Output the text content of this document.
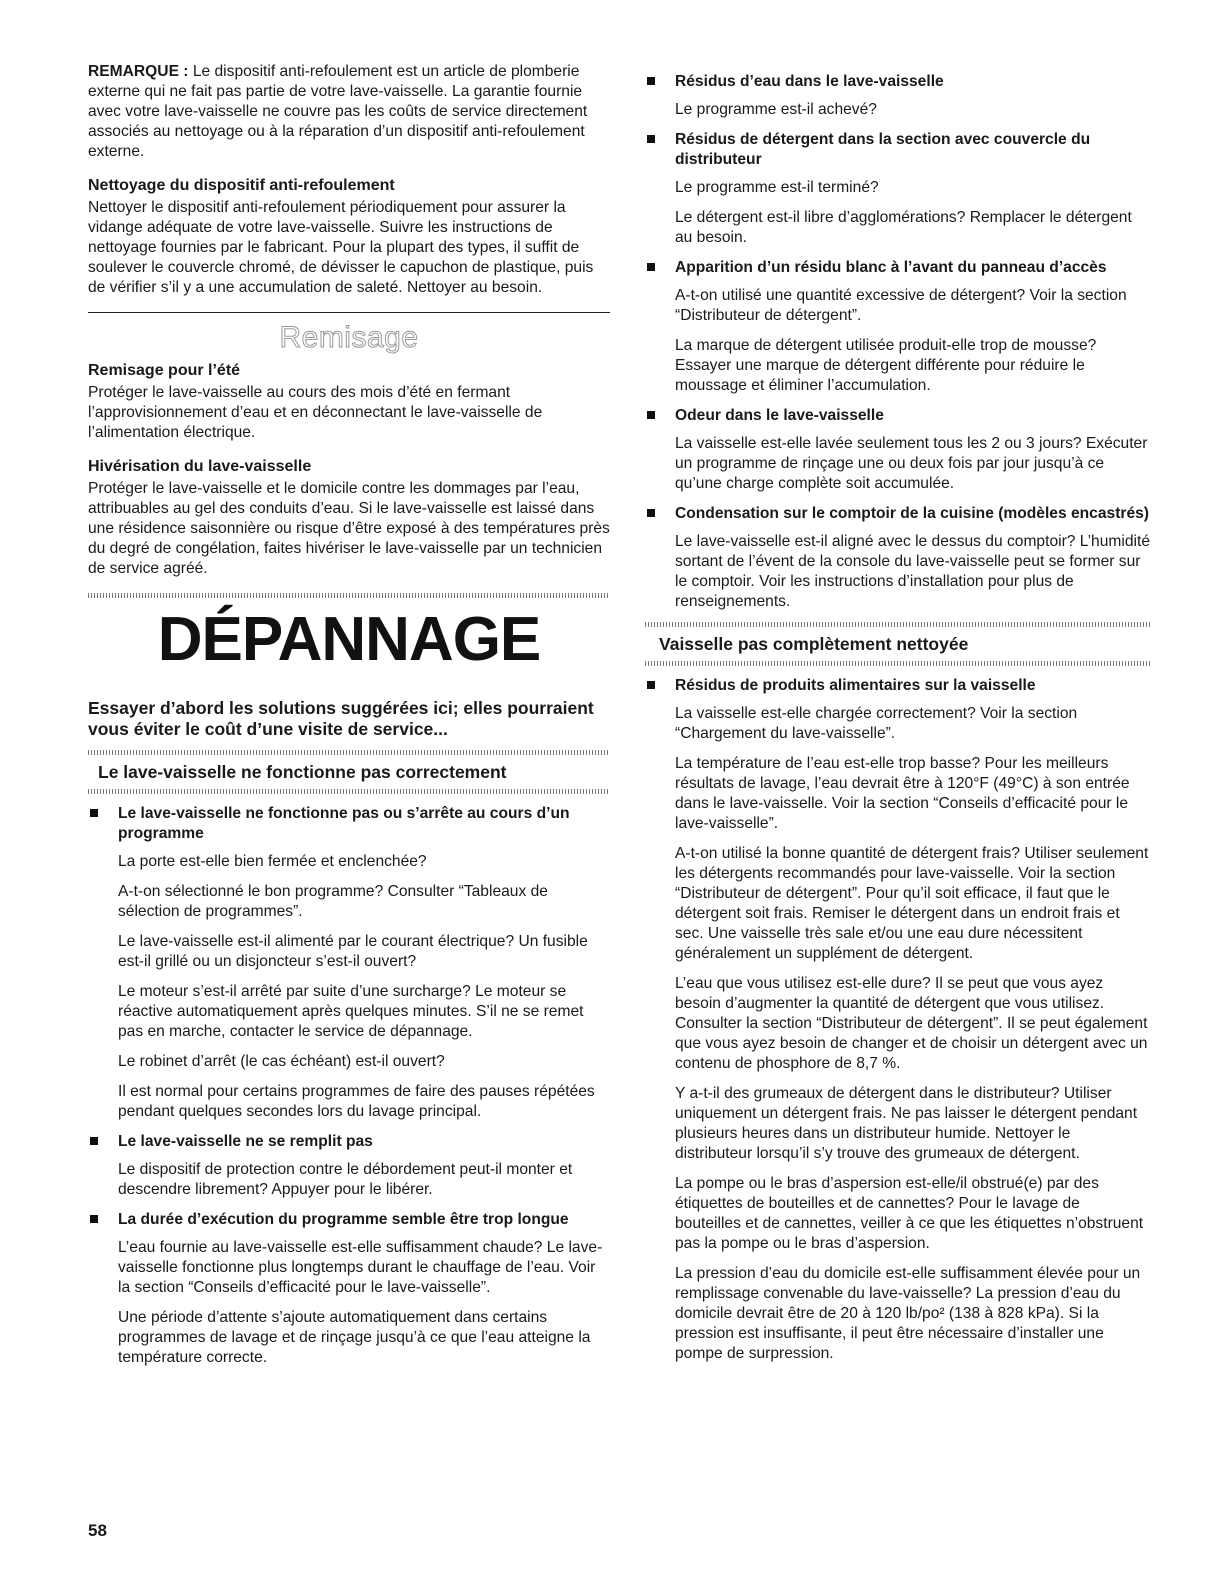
REMARQUE : Le dispositif anti-refoulement est un article de plomberie externe qui ne fait pas partie de votre lave-vaisselle. La garantie fournie avec votre lave-vaisselle ne couvre pas les coûts de service directement associés au nettoyage ou à la réparation d’un dispositif anti-refoulement externe.

Nettoyage du dispositif anti-refoulement

Nettoyer le dispositif anti-refoulement périodiquement pour assurer la vidange adéquate de votre lave-vaisselle. Suivre les instructions de nettoyage fournies par le fabricant. Pour la plupart des types, il suffit de soulever le couvercle chromé, de dévisser le capuchon de plastique, puis de vérifier s’il y a une accumulation de saleté. Nettoyer au besoin.

Remisage
Remisage pour l’été

Protéger le lave-vaisselle au cours des mois d’été en fermant l’approvisionnement d’eau et en déconnectant le lave-vaisselle de l’alimentation électrique.

Hivérisation du lave-vaisselle

Protéger le lave-vaisselle et le domicile contre les dommages par l’eau, attribuables au gel des conduits d’eau. Si le lave-vaisselle est laissé dans une résidence saisonnière ou risque d’être exposé à des températures près du degré de congélation, faites hivériser le lave-vaisselle par un technicien de service agréé.

DÉPANNAGE
Essayer d’abord les solutions suggérées ici; elles pourraient vous éviter le coût d’une visite de service...
Le lave-vaisselle ne fonctionne pas correctement
Le lave-vaisselle ne fonctionne pas ou s’arrête au cours d’un programme

La porte est-elle bien fermée et enclenchée?

A-t-on sélectionné le bon programme? Consulter “Tableaux de sélection de programmes”.

Le lave-vaisselle est-il alimenté par le courant électrique? Un fusible est-il grillé ou un disjoncteur s’est-il ouvert?

Le moteur s’est-il arrêté par suite d’une surcharge? Le moteur se réactive automatiquement après quelques minutes. S’il ne se remet pas en marche, contacter le service de dépannage.

Le robinet d’arrêt (le cas échéant) est-il ouvert?

Il est normal pour certains programmes de faire des pauses répétées pendant quelques secondes lors du lavage principal.

Le lave-vaisselle ne se remplit pas

Le dispositif de protection contre le débordement peut-il monter et descendre librement? Appuyer pour le libérer.

La durée d’exécution du programme semble être trop longue

L’eau fournie au lave-vaisselle est-elle suffisamment chaude? Le lave-vaisselle fonctionne plus longtemps durant le chauffage de l’eau. Voir la section “Conseils d’efficacité pour le lave-vaisselle”.

Une période d’attente s’ajoute automatiquement dans certains programmes de lavage et de rinçage jusqu’à ce que l’eau atteigne la température correcte.

Résidus d’eau dans le lave-vaisselle

Le programme est-il achevé?

Résidus de détergent dans la section avec couvercle du distributeur

Le programme est-il terminé?

Le détergent est-il libre d’agglomérations? Remplacer le détergent au besoin.

Apparition d’un résidu blanc à l’avant du panneau d’accès

A-t-on utilisé une quantité excessive de détergent? Voir la section “Distributeur de détergent”.

La marque de détergent utilisée produit-elle trop de mousse? Essayer une marque de détergent différente pour réduire le moussage et éliminer l’accumulation.

Odeur dans le lave-vaisselle

La vaisselle est-elle lavée seulement tous les 2 ou 3 jours? Exécuter un programme de rinçage une ou deux fois par jour jusqu’à ce qu’une charge complète soit accumulée.

Condensation sur le comptoir de la cuisine (modèles encastrés)

Le lave-vaisselle est-il aligné avec le dessus du comptoir? L’humidité sortant de l’évent de la console du lave-vaisselle peut se former sur le comptoir. Voir les instructions d’installation pour plus de renseignements.

Vaisselle pas complètement nettoyée
Résidus de produits alimentaires sur la vaisselle

La vaisselle est-elle chargée correctement? Voir la section “Chargement du lave-vaisselle”.

La température de l’eau est-elle trop basse? Pour les meilleurs résultats de lavage, l’eau devrait être à 120°F (49°C) à son entrée dans le lave-vaisselle. Voir la section “Conseils d’efficacité pour le lave-vaisselle”.

A-t-on utilisé la bonne quantité de détergent frais? Utiliser seulement les détergents recommandés pour lave-vaisselle. Voir la section “Distributeur de détergent”. Pour qu’il soit efficace, il faut que le détergent soit frais. Remiser le détergent dans un endroit frais et sec. Une vaisselle très sale et/ou une eau dure nécessitent généralement un supplément de détergent.

L’eau que vous utilisez est-elle dure? Il se peut que vous ayez besoin d’augmenter la quantité de détergent que vous utilisez. Consulter la section “Distributeur de détergent”. Il se peut également que vous ayez besoin de changer et de choisir un détergent avec un contenu de phosphore de 8,7 %.

Y a-t-il des grumeaux de détergent dans le distributeur? Utiliser uniquement un détergent frais. Ne pas laisser le détergent pendant plusieurs heures dans un distributeur humide. Nettoyer le distributeur lorsqu’il s’y trouve des grumeaux de détergent.

La pompe ou le bras d’aspersion est-elle/il obstrué(e) par des étiquettes de bouteilles et de cannettes? Pour le lavage de bouteilles et de cannettes, veiller à ce que les étiquettes n’obstruent pas la pompe ou le bras d’aspersion.

La pression d’eau du domicile est-elle suffisamment élevée pour un remplissage convenable du lave-vaisselle? La pression d’eau du domicile devrait être de 20 à 120 lb/po² (138 à 828 kPa). Si la pression est insuffisante, il peut être nécessaire d’installer une pompe de surpression.

58
